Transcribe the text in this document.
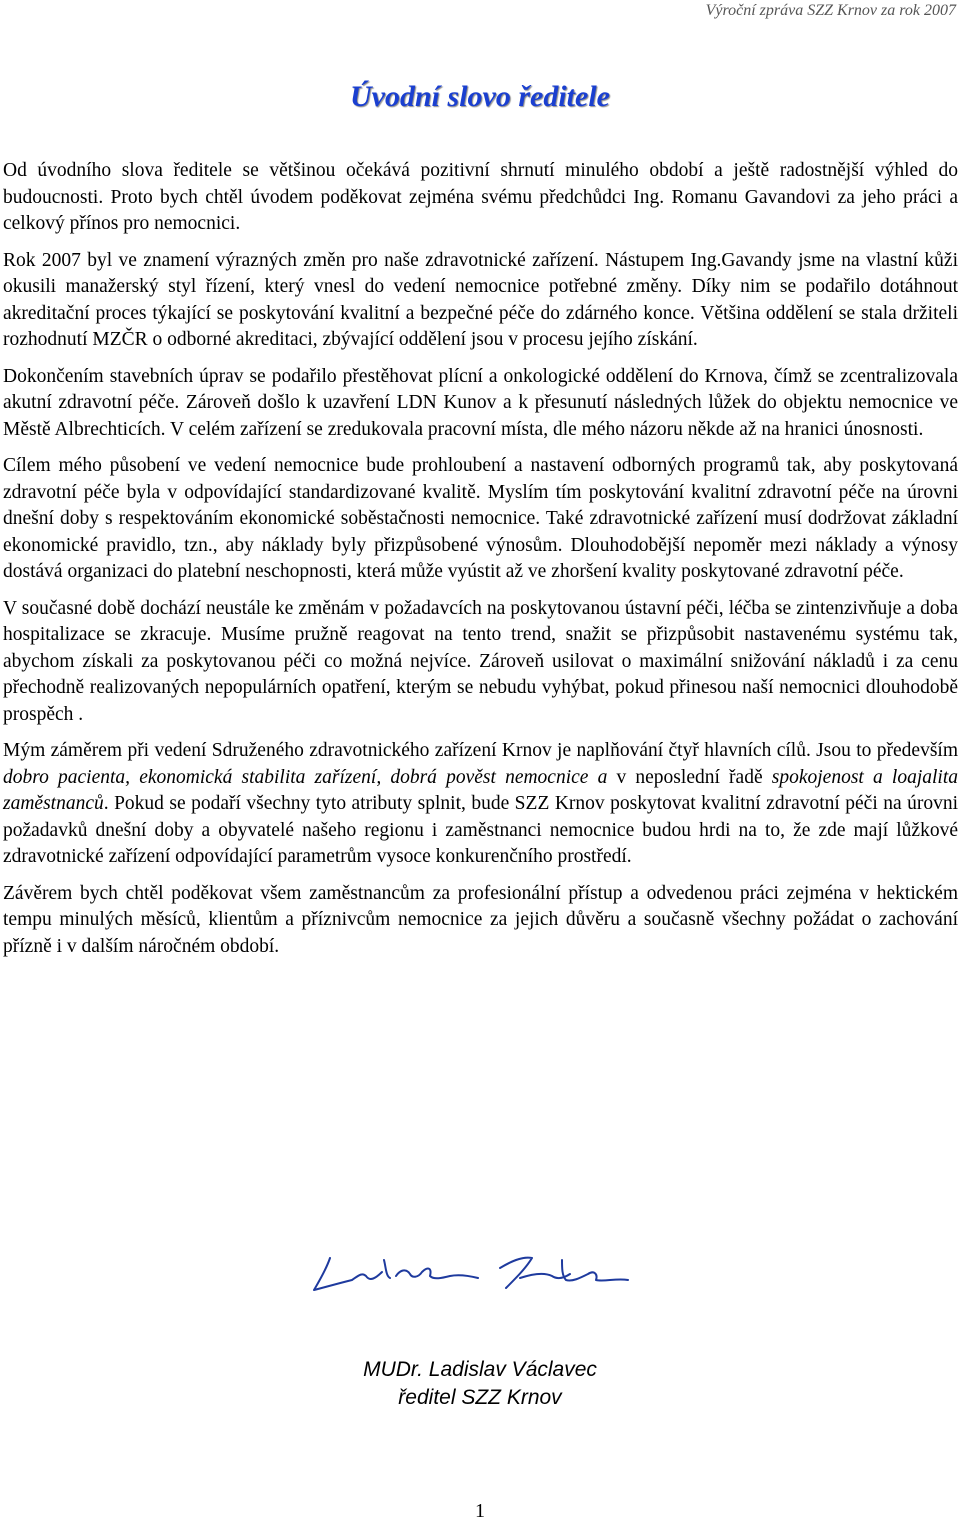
Výroční zpráva SZZ Krnov za rok 2007
Úvodní slovo ředitele

Od úvodního slova ředitele se většinou očekává pozitivní shrnutí minulého období a ještě radostnější výhled do budoucnosti. Proto bych chtěl úvodem poděkovat zejména svému předchůdci Ing. Romanu Gavandovi za jeho práci a celkový přínos pro nemocnici.

Rok 2007 byl ve znamení výrazných změn pro naše zdravotnické zařízení. Nástupem Ing.Gavandy jsme na vlastní kůži okusili manažerský styl řízení, který vnesl do vedení nemocnice potřebné změny. Díky nim se podařilo dotáhnout akreditační proces týkající se poskytování kvalitní a bezpečné péče do zdárného konce. Většina oddělení se stala držiteli rozhodnutí MZČR o odborné akreditaci, zbývající oddělení jsou v procesu jejího získání.

Dokončením stavebních úprav se podařilo přestěhovat plícní a onkologické oddělení do Krnova, čímž se zcentralizovala akutní zdravotní péče. Zároveň došlo k uzavření LDN Kunov a k přesunutí následných lůžek do objektu nemocnice ve Městě Albrechticích. V celém zařízení se zredukovala pracovní místa, dle mého názoru někde až na hranici únosnosti.

Cílem mého působení ve vedení nemocnice bude prohloubení a nastavení odborných programů tak, aby poskytovaná zdravotní péče byla v odpovídající standardizované kvalitě. Myslím tím poskytování kvalitní zdravotní péče na úrovni dnešní doby s respektováním ekonomické soběstačnosti nemocnice. Také zdravotnické zařízení musí dodržovat základní ekonomické pravidlo, tzn., aby náklady byly přizpůsobené výnosům. Dlouhodobější nepoměr mezi náklady a výnosy dostává organizaci do platební neschopnosti, která může vyústit až ve zhoršení kvality poskytované zdravotní péče.

V současné době dochází neustále ke změnám v požadavcích na poskytovanou ústavní péči, léčba se zintenzivňuje a doba hospitalizace se zkracuje. Musíme pružně reagovat na tento trend, snažit se přizpůsobit nastavenému systému tak, abychom získali za poskytovanou péči co možná nejvíce. Zároveň usilovat o maximální snižování nákladů i za cenu přechodně realizovaných nepopulárních opatření, kterým se nebudu vyhýbat, pokud přinesou naší nemocnici dlouhodobě prospěch .

Mým záměrem při vedení Sdruženého zdravotnického zařízení Krnov je naplňování čtyř hlavních cílů. Jsou to především dobro pacienta, ekonomická stabilita zařízení, dobrá pověst nemocnice a v neposlední řadě spokojenost a loajalita zaměstnanců. Pokud se podaří všechny tyto atributy splnit, bude SZZ Krnov poskytovat kvalitní zdravotní péči na úrovni požadavků dnešní doby a obyvatelé našeho regionu i zaměstnanci nemocnice budou hrdi na to, že zde mají lůžkové zdravotnické zařízení odpovídající parametrům vysoce konkurenčního prostředí.

Závěrem bych chtěl poděkovat všem zaměstnancům za profesionální přístup a odvedenou práci zejména v hektickém tempu minulých měsíců, klientům a příznivcům nemocnice za jejich důvěru a současně všechny požádat o zachování přízně i v dalším náročném období.

MUDr. Ladislav Václavec
ředitel SZZ Krnov
1
